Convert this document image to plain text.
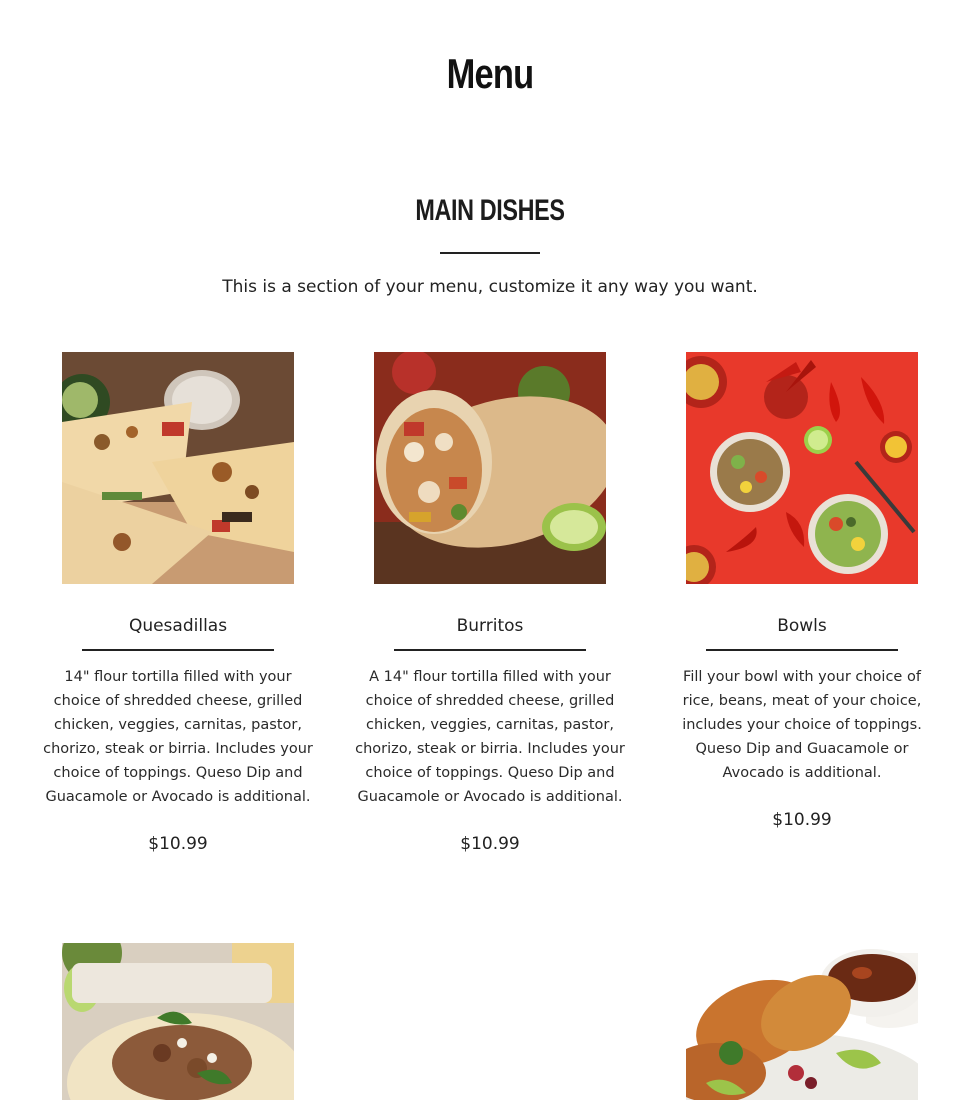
Menu
MAIN DISHES
This is a section of your menu, customize it any way you want.
Quesadillas
14" flour tortilla filled with your choice of shredded cheese, grilled chicken, veggies, carnitas, pastor, chorizo, steak or birria. Includes your choice of toppings. Queso Dip and Guacamole or Avocado is additional.
$10.99
Burritos
A 14" flour tortilla filled with your choice of shredded cheese, grilled chicken, veggies, carnitas, pastor, chorizo, steak or birria. Includes your choice of toppings. Queso Dip and Guacamole or Avocado is additional.
$10.99
Bowls
Fill your bowl with your choice of rice, beans, meat of your choice, includes your choice of toppings. Queso Dip and Guacamole or Avocado is additional.
$10.99
